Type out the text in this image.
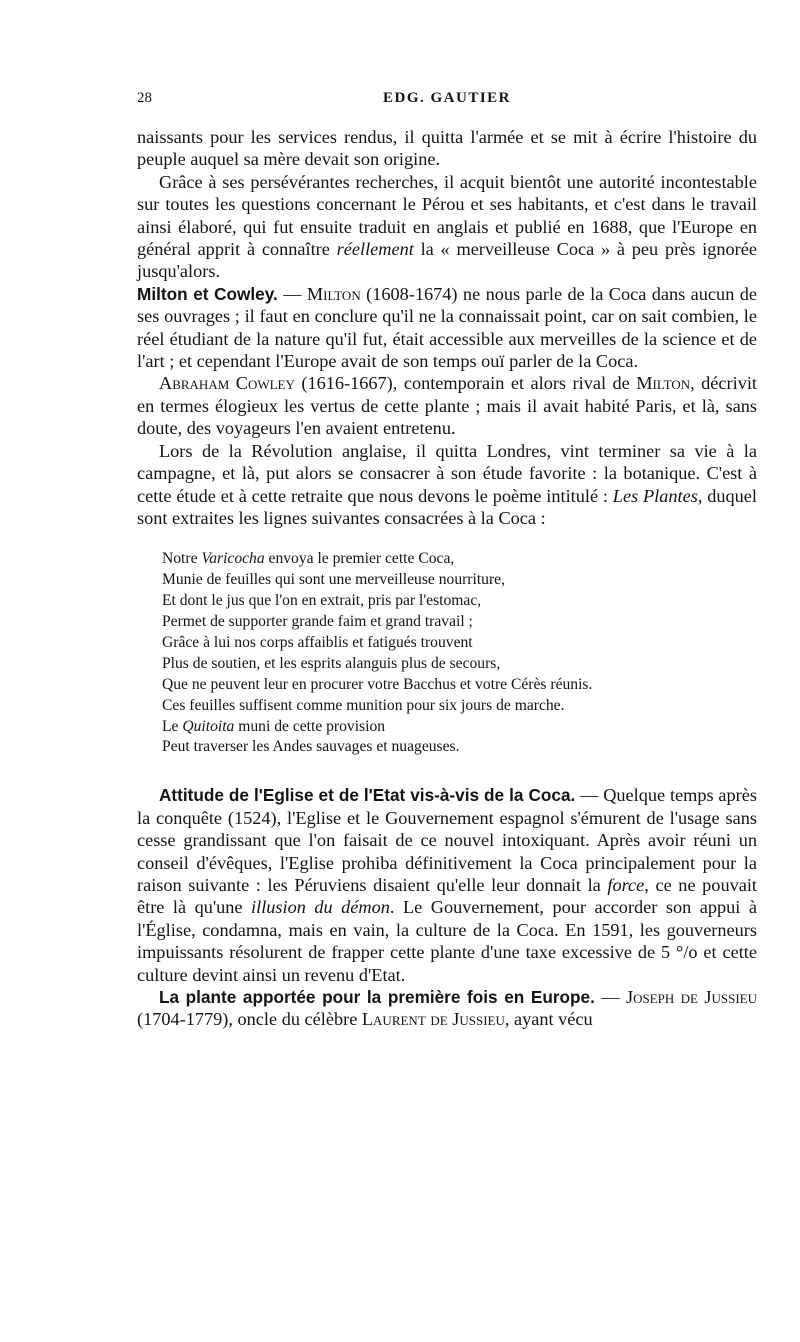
28	EDG. GAUTIER

naissants pour les services rendus, il quitta l'armée et se mit à écrire l'histoire du peuple auquel sa mère devait son origine.

Grâce à ses persévérantes recherches, il acquit bientôt une autorité incontestable sur toutes les questions concernant le Pérou et ses habitants, et c'est dans le travail ainsi élaboré, qui fut ensuite traduit en anglais et publié en 1688, que l'Europe en général apprit à connaître réellement la « merveilleuse Coca » à peu près ignorée jusqu'alors.

Milton et Cowley. — Milton (1608-1674) ne nous parle de la Coca dans aucun de ses ouvrages ; il faut en conclure qu'il ne la connaissait point, car on sait combien, le réel étudiant de la nature qu'il fut, était accessible aux merveilles de la science et de l'art ; et cependant l'Europe avait de son temps ouï parler de la Coca.

Abraham Cowley (1616-1667), contemporain et alors rival de Milton, décrivit en termes élogieux les vertus de cette plante ; mais il avait habité Paris, et là, sans doute, des voyageurs l'en avaient entretenu.

Lors de la Révolution anglaise, il quitta Londres, vint terminer sa vie à la campagne, et là, put alors se consacrer à son étude favorite : la botanique. C'est à cette étude et à cette retraite que nous devons le poème intitulé : Les Plantes, duquel sont extraites les lignes suivantes consacrées à la Coca :

Notre Varicocha envoya le premier cette Coca,
Munie de feuilles qui sont une merveilleuse nourriture,
Et dont le jus que l'on en extrait, pris par l'estomac,
Permet de supporter grande faim et grand travail ;
Grâce à lui nos corps affaiblis et fatigués trouvent
Plus de soutien, et les esprits alanguis plus de secours,
Que ne peuvent leur en procurer votre Bacchus et votre Cérès réunis.
Ces feuilles suffisent comme munition pour six jours de marche.
Le Quitoita muni de cette provision
Peut traverser les Andes sauvages et nuageuses.

Attitude de l'Eglise et de l'Etat vis-à-vis de la Coca. — Quelque temps après la conquête (1524), l'Eglise et le Gouvernement espagnol s'émurent de l'usage sans cesse grandissant que l'on faisait de ce nouvel intoxiquant. Après avoir réuni un conseil d'évêques, l'Eglise prohiba définitivement la Coca principalement pour la raison suivante : les Péruviens disaient qu'elle leur donnait la force, ce ne pouvait être là qu'une illusion du démon. Le Gouvernement, pour accorder son appui à l'Église, condamna, mais en vain, la culture de la Coca. En 1591, les gouverneurs impuissants résolurent de frapper cette plante d'une taxe excessive de 5 °/o et cette culture devint ainsi un revenu d'Etat.

La plante apportée pour la première fois en Europe. — Joseph de Jussieu (1704-1779), oncle du célèbre Laurent de Jussieu, ayant vécu
